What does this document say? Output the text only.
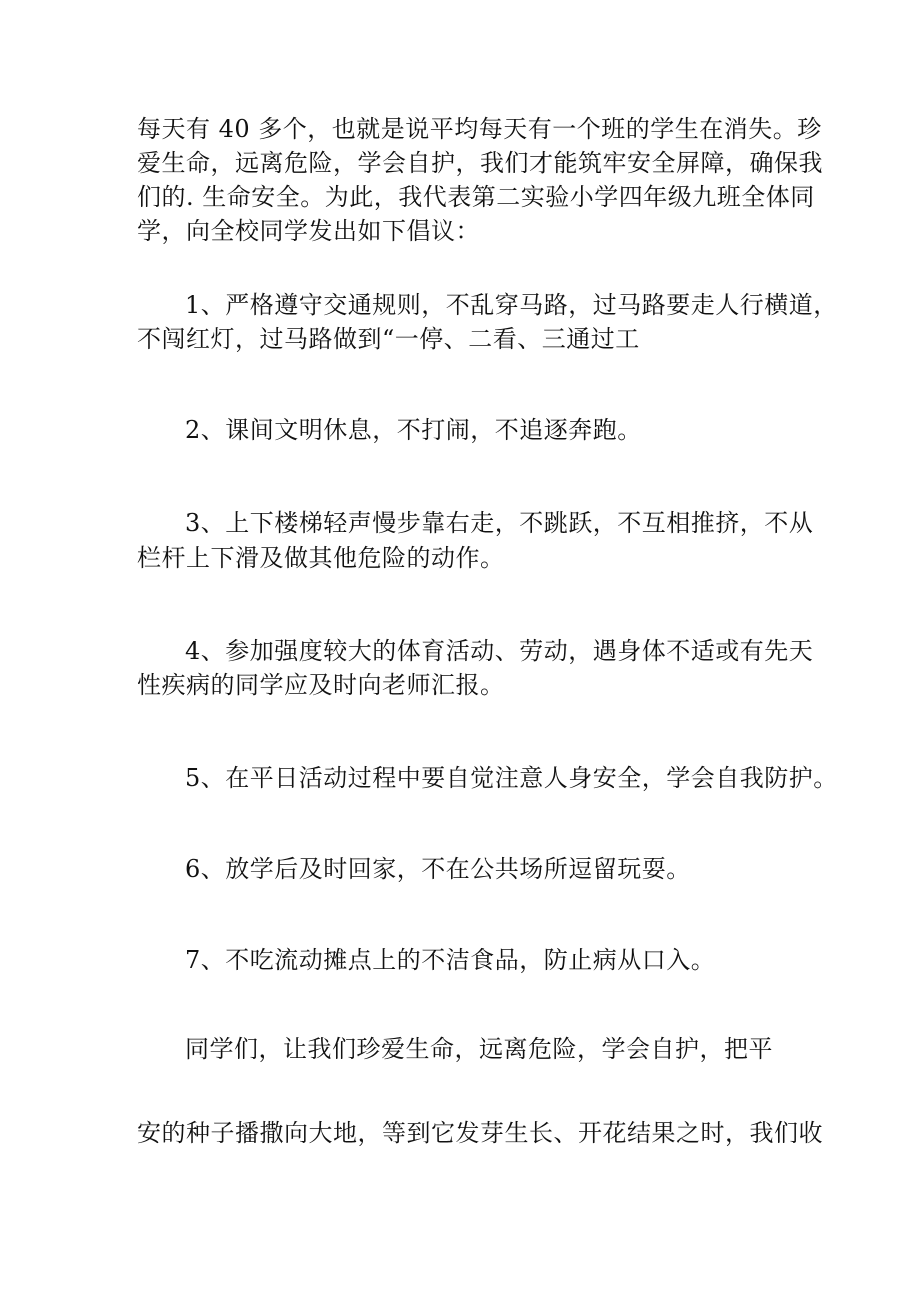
每天有 40 多个，也就是说平均每天有一个班的学生在消失。珍
爱生命，远离危险，学会自护，我们才能筑牢安全屏障，确保我
们的. 生命安全。为此，我代表第二实验小学四年级九班全体同
学，向全校同学发出如下倡议：
1、严格遵守交通规则，不乱穿马路，过马路要走人行横道，
不闯红灯，过马路做到“一停、二看、三通过工
2、课间文明休息，不打闹，不追逐奔跑。
3、上下楼梯轻声慢步靠右走，不跳跃，不互相推挤，不从
栏杆上下滑及做其他危险的动作。
4、参加强度较大的体育活动、劳动，遇身体不适或有先天
性疾病的同学应及时向老师汇报。
5、在平日活动过程中要自觉注意人身安全，学会自我防护。
6、放学后及时回家，不在公共场所逗留玩耍。
7、不吃流动摊点上的不洁食品，防止病从口入。
同学们，让我们珍爱生命，远离危险，学会自护，把平
安的种子播撒向大地，等到它发芽生长、开花结果之时，我们收
